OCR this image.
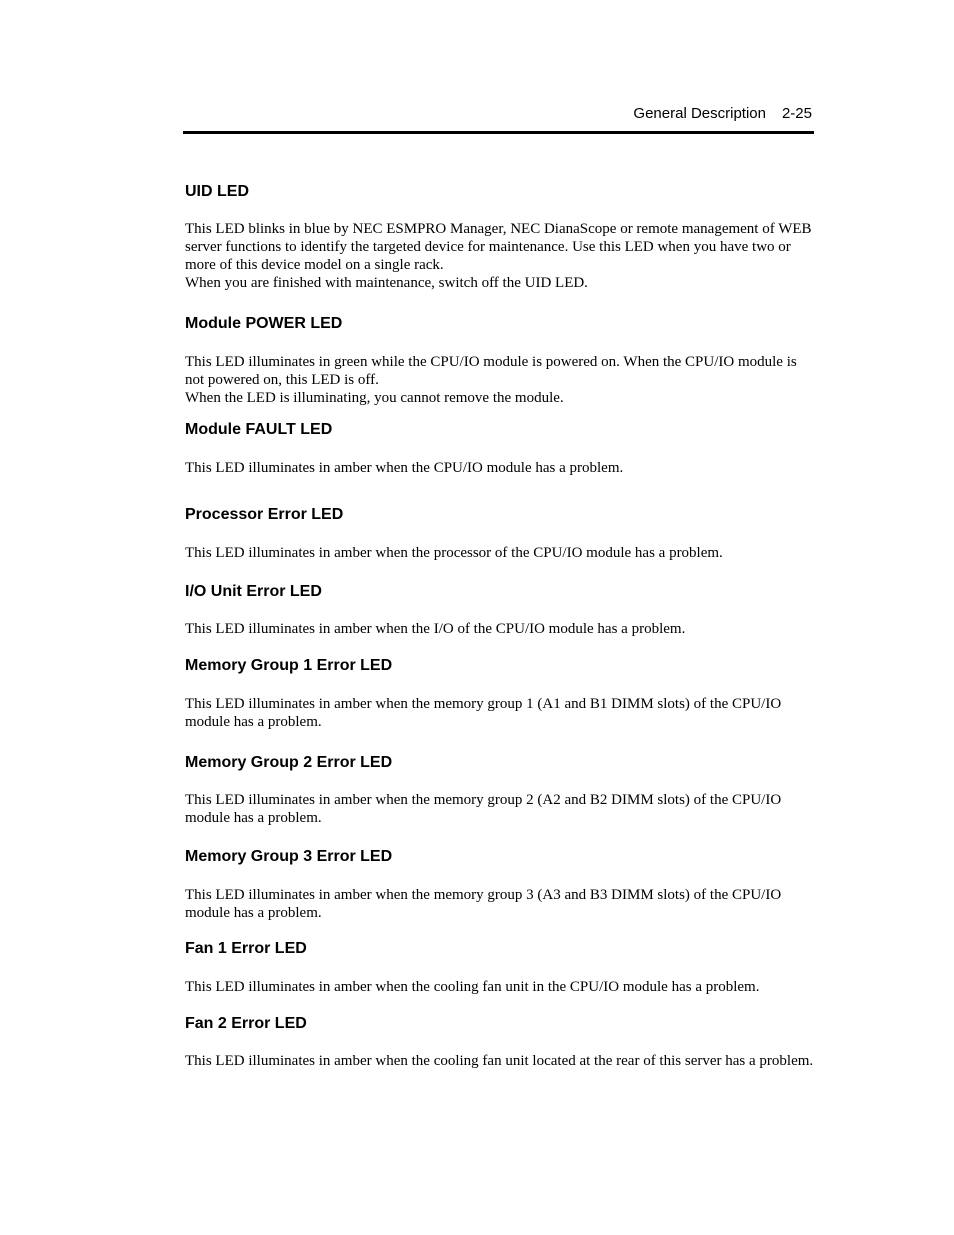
General Description 2-25
UID LED

This LED blinks in blue by NEC ESMPRO Manager, NEC DianaScope or remote management of WEB server functions to identify the targeted device for maintenance. Use this LED when you have two or more of this device model on a single rack.

When you are finished with maintenance, switch off the UID LED.

Module POWER LED

This LED illuminates in green while the CPU/IO module is powered on. When the CPU/IO module is not powered on, this LED is off.

When the LED is illuminating, you cannot remove the module.

Module FAULT LED

This LED illuminates in amber when the CPU/IO module has a problem.

Processor Error LED

This LED illuminates in amber when the processor of the CPU/IO module has a problem.

I/O Unit Error LED

This LED illuminates in amber when the I/O of the CPU/IO module has a problem.

Memory Group 1 Error LED

This LED illuminates in amber when the memory group 1 (A1 and B1 DIMM slots) of the CPU/IO module has a problem.

Memory Group 2 Error LED

This LED illuminates in amber when the memory group 2 (A2 and B2 DIMM slots) of the CPU/IO module has a problem.

Memory Group 3 Error LED

This LED illuminates in amber when the memory group 3 (A3 and B3 DIMM slots) of the CPU/IO module has a problem.

Fan 1 Error LED

This LED illuminates in amber when the cooling fan unit in the CPU/IO module has a problem.

Fan 2 Error LED

This LED illuminates in amber when the cooling fan unit located at the rear of this server has a problem.
